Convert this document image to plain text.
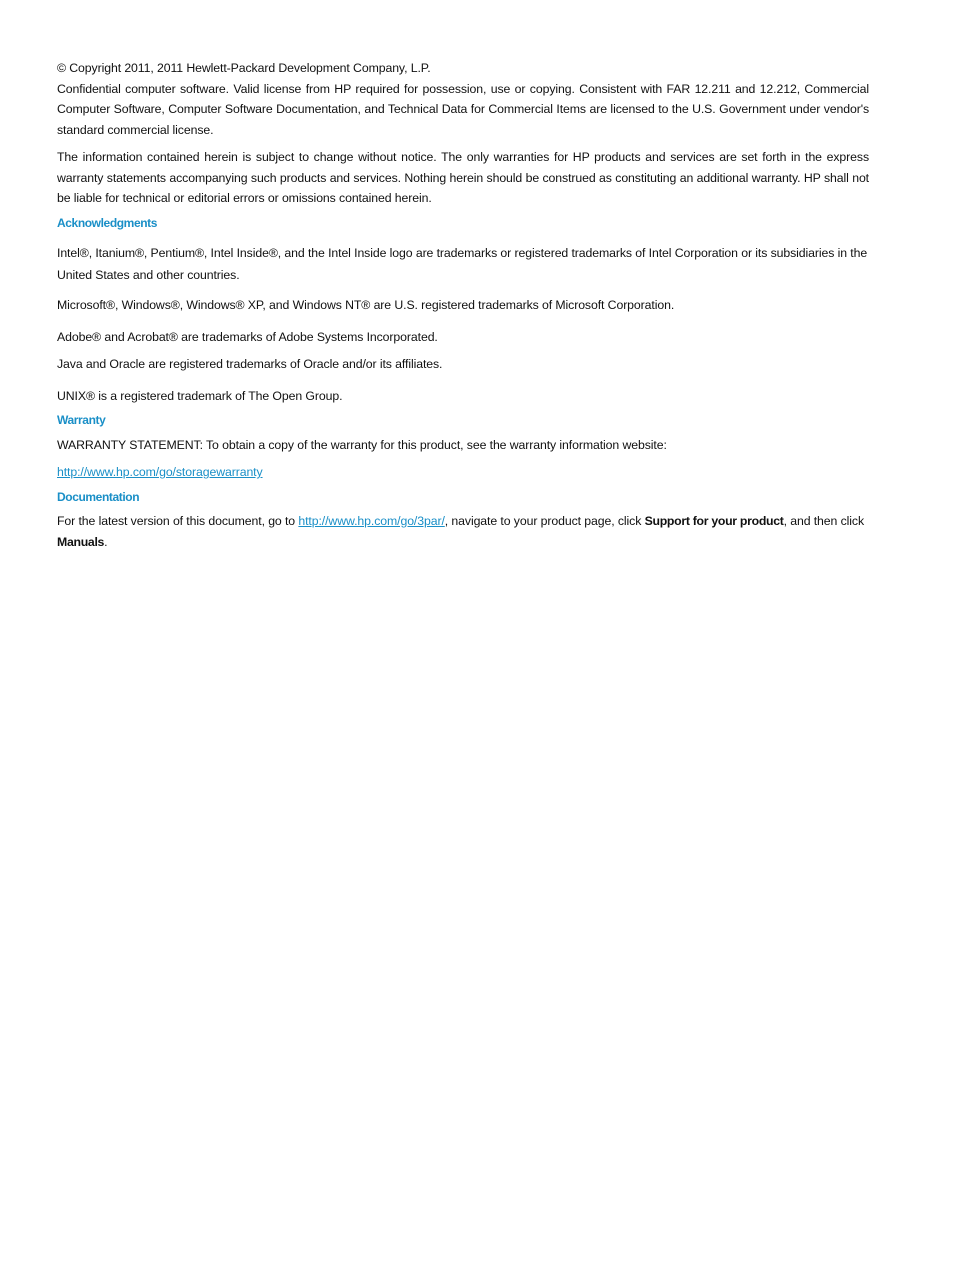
© Copyright 2011, 2011 Hewlett-Packard Development Company, L.P.

Confidential computer software. Valid license from HP required for possession, use or copying. Consistent with FAR 12.211 and 12.212, Commercial Computer Software, Computer Software Documentation, and Technical Data for Commercial Items are licensed to the U.S. Government under vendor's standard commercial license.

The information contained herein is subject to change without notice. The only warranties for HP products and services are set forth in the express warranty statements accompanying such products and services. Nothing herein should be construed as constituting an additional warranty. HP shall not be liable for technical or editorial errors or omissions contained herein.

Acknowledgments

Intel®, Itanium®, Pentium®, Intel Inside®, and the Intel Inside logo are trademarks or registered trademarks of Intel Corporation or its subsidiaries in the United States and other countries.

Microsoft®, Windows®, Windows® XP, and Windows NT® are U.S. registered trademarks of Microsoft Corporation.

Adobe® and Acrobat® are trademarks of Adobe Systems Incorporated.

Java and Oracle are registered trademarks of Oracle and/or its affiliates.

UNIX® is a registered trademark of The Open Group.

Warranty

WARRANTY STATEMENT: To obtain a copy of the warranty for this product, see the warranty information website:

http://www.hp.com/go/storagewarranty

Documentation

For the latest version of this document, go to http://www.hp.com/go/3par/, navigate to your product page, click Support for your product, and then click Manuals.
